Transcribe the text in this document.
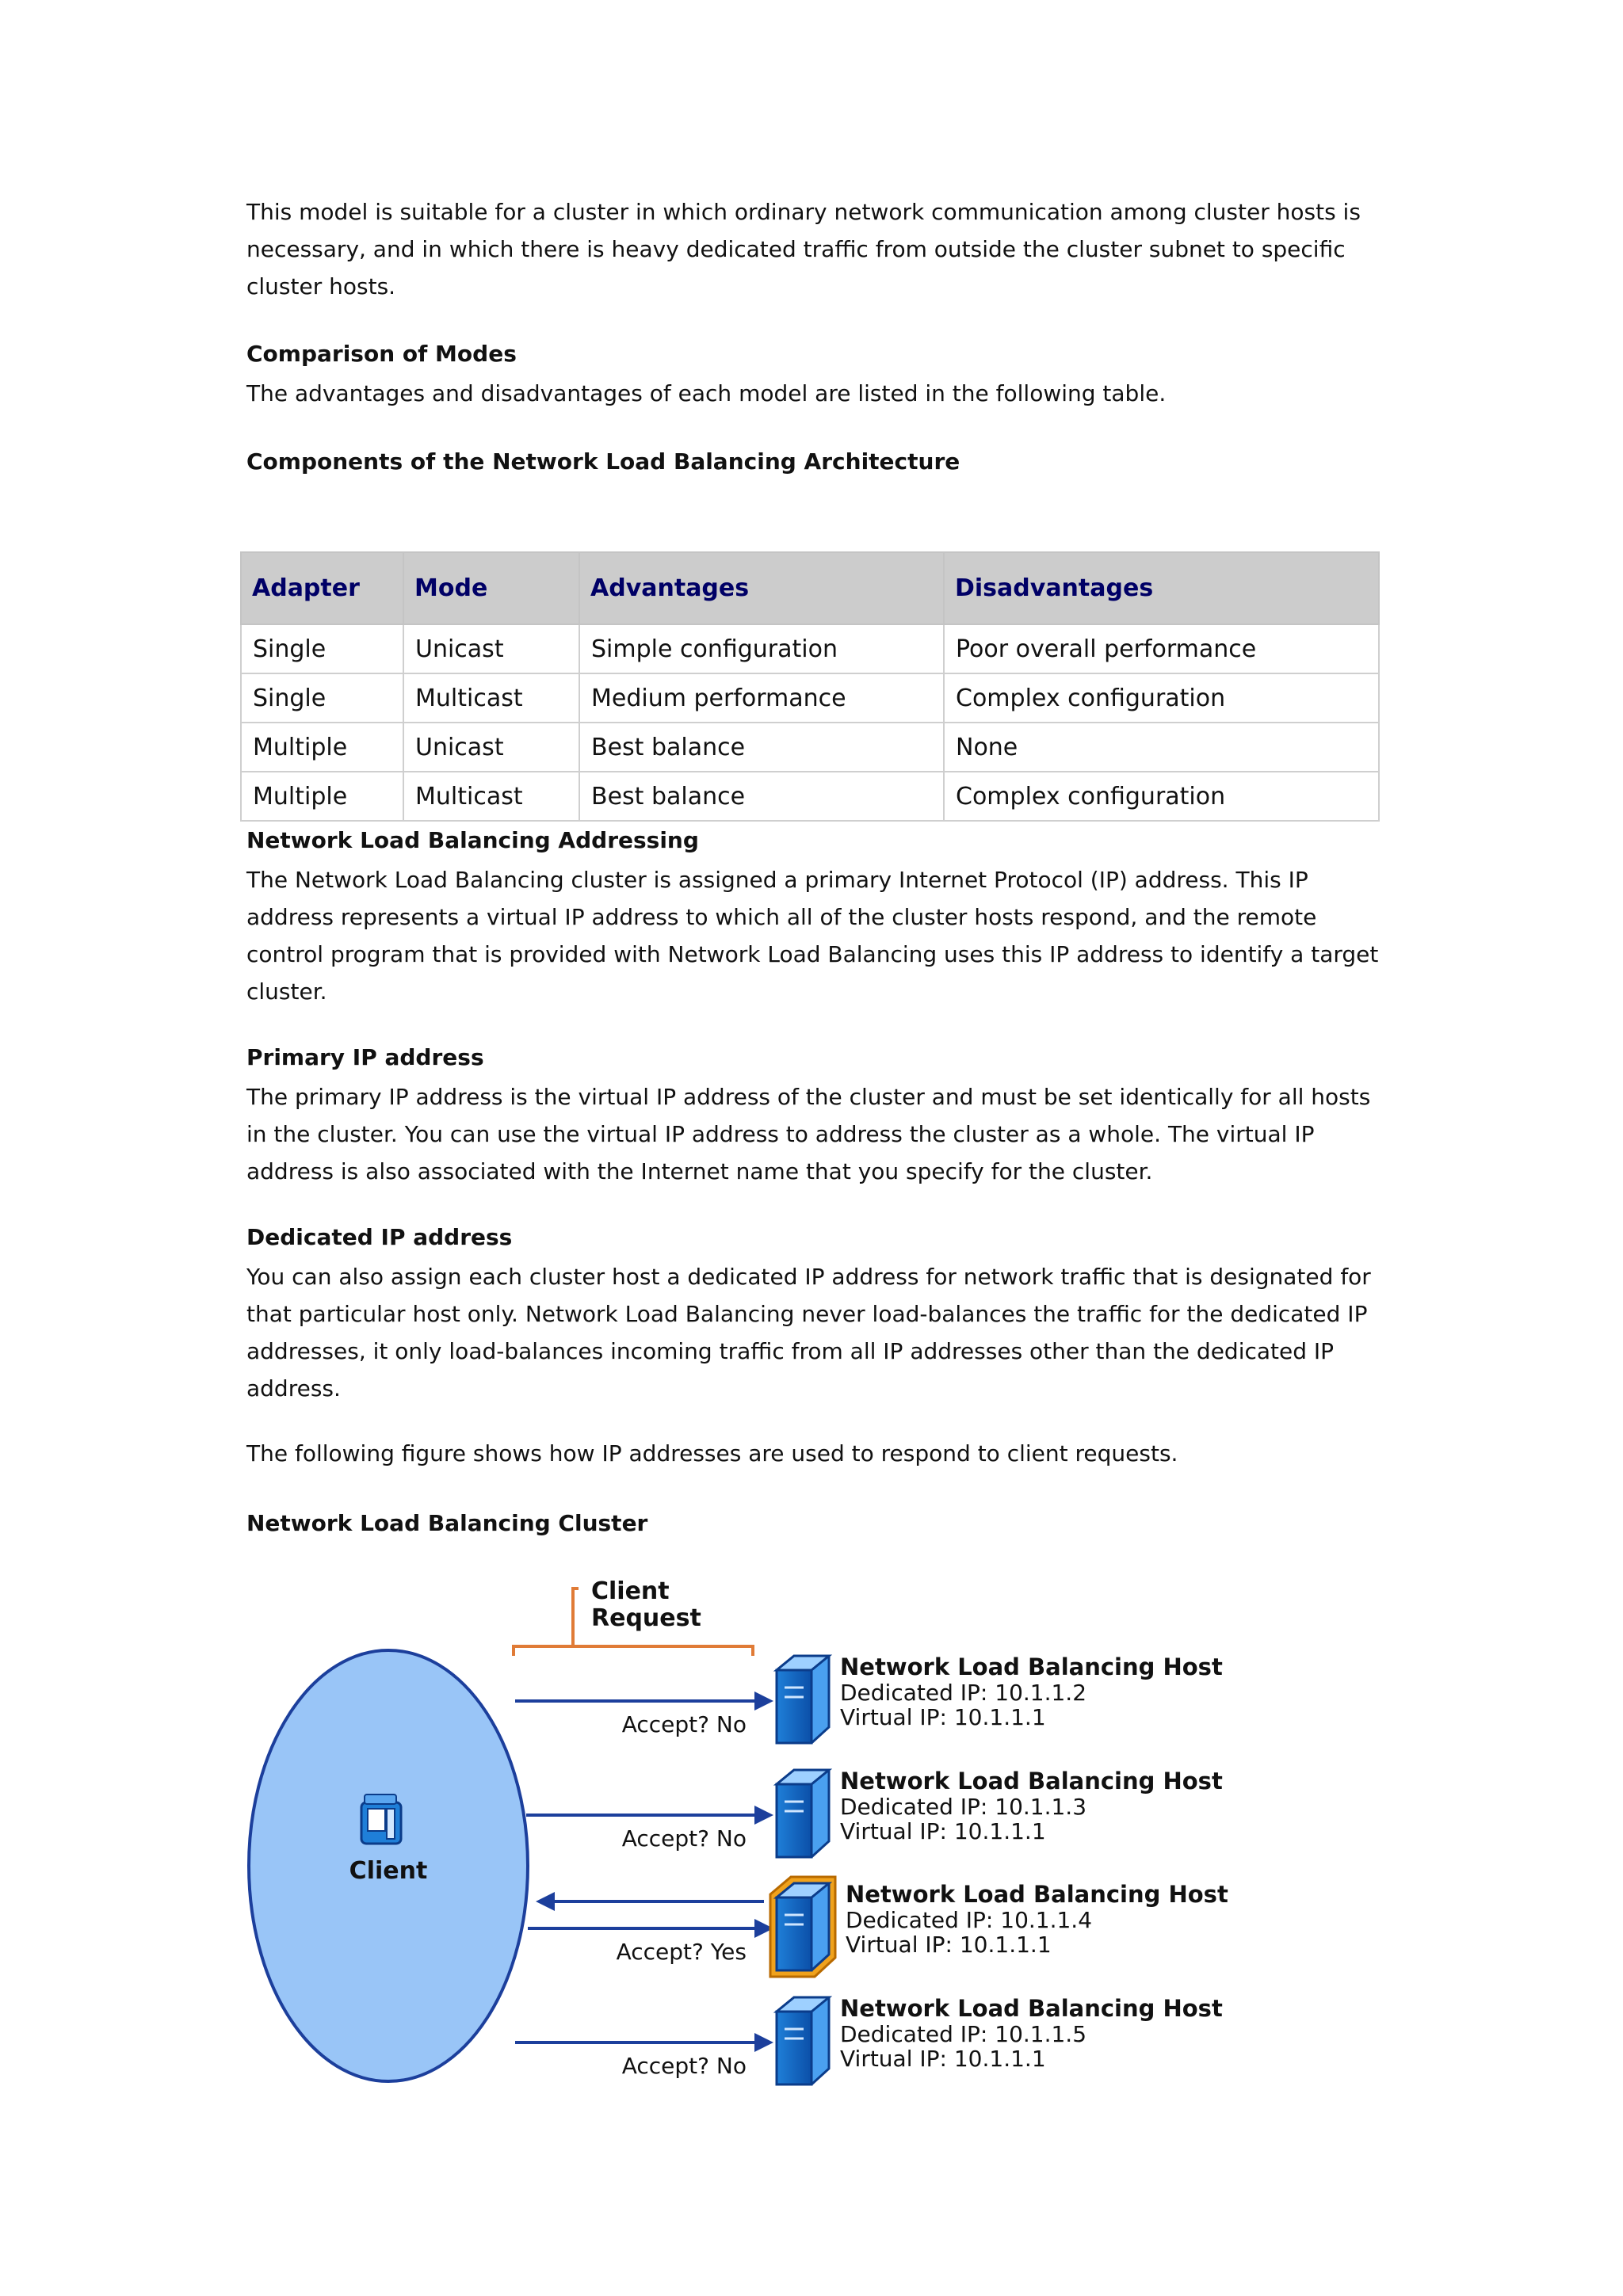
This model is suitable for a cluster in which ordinary network communication among cluster hosts is necessary, and in which there is heavy dedicated traffic from outside the cluster subnet to specific cluster hosts.

Comparison of Modes

The advantages and disadvantages of each model are listed in the following table.

Components of the Network Load Balancing Architecture
Adapter	Mode	Advantages	Disadvantages
Single	Unicast	Simple configuration	Poor overall performance
Single	Multicast	Medium performance	Complex configuration
Multiple	Unicast	Best balance	None
Multiple	Multicast	Best balance	Complex configuration
Network Load Balancing Addressing

The Network Load Balancing cluster is assigned a primary Internet Protocol (IP) address. This IP address represents a virtual IP address to which all of the cluster hosts respond, and the remote control program that is provided with Network Load Balancing uses this IP address to identify a target cluster.

Primary IP address

The primary IP address is the virtual IP address of the cluster and must be set identically for all hosts in the cluster. You can use the virtual IP address to address the cluster as a whole. The virtual IP address is also associated with the Internet name that you specify for the cluster.

Dedicated IP address

You can also assign each cluster host a dedicated IP address for network traffic that is designated for that particular host only. Network Load Balancing never load-balances the traffic for the dedicated IP addresses, it only load-balances incoming traffic from all IP addresses other than the dedicated IP address.

The following figure shows how IP addresses are used to respond to client requests.

Network Load Balancing Cluster
Client
Request
Client
Accept? No
Accept? No
Accept? Yes
Accept? No
Network Load Balancing Host
Dedicated IP: 10.1.1.2
Virtual IP: 10.1.1.1
Network Load Balancing Host
Dedicated IP: 10.1.1.3
Virtual IP: 10.1.1.1
Network Load Balancing Host
Dedicated IP: 10.1.1.4
Virtual IP: 10.1.1.1
Network Load Balancing Host
Dedicated IP: 10.1.1.5
Virtual IP: 10.1.1.1
